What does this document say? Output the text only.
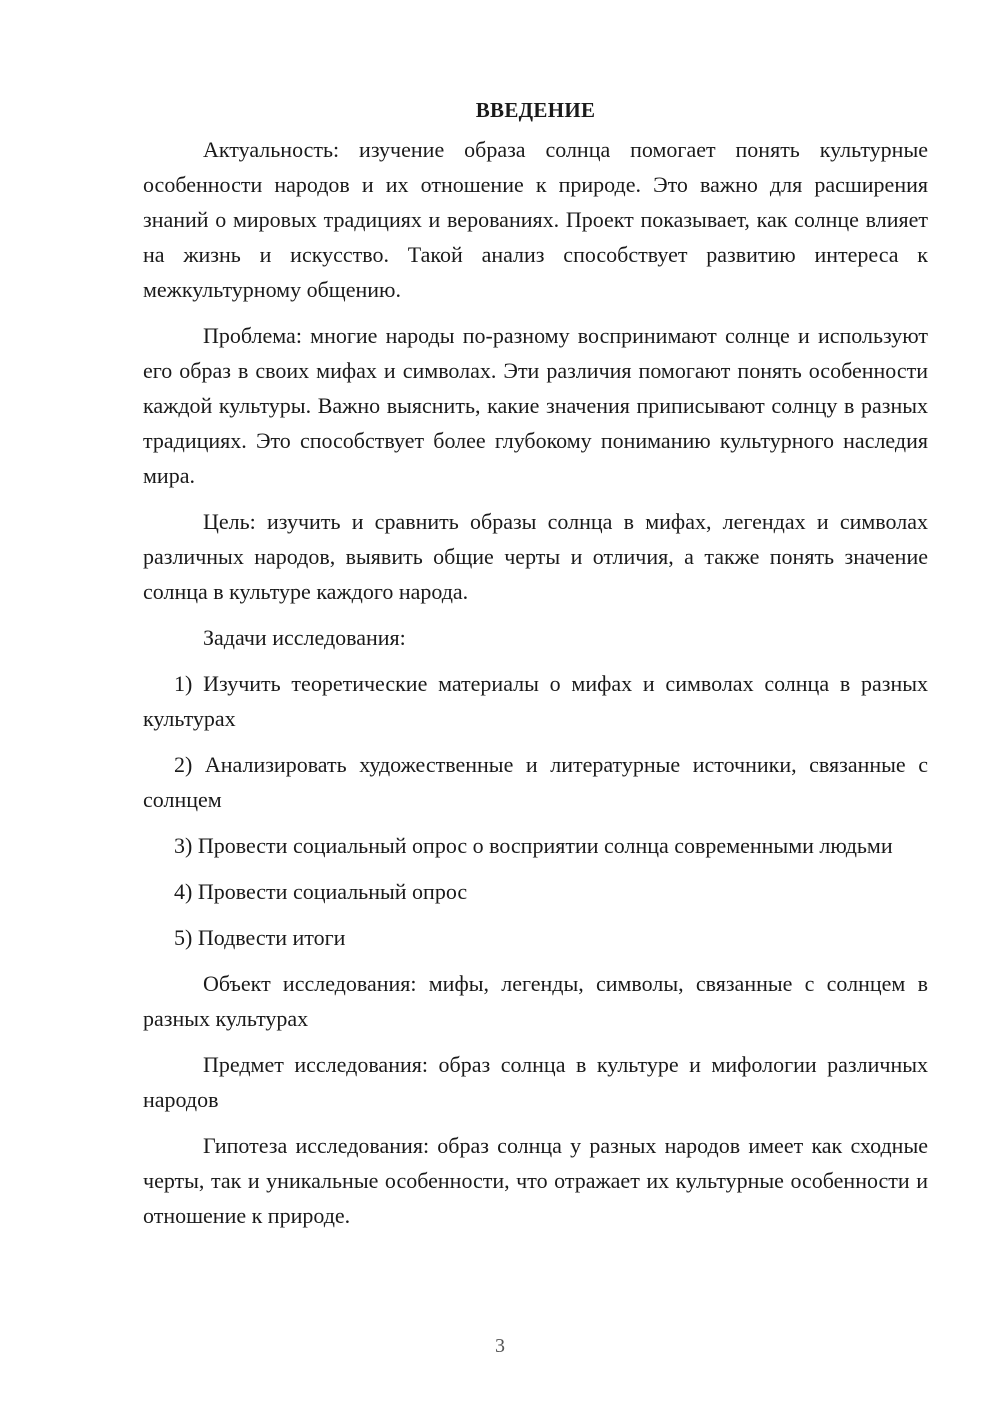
ВВЕДЕНИЕ

Актуальность: изучение образа солнца помогает понять культурные особенности народов и их отношение к природе. Это важно для расширения знаний о мировых традициях и верованиях. Проект показывает, как солнце влияет на жизнь и искусство. Такой анализ способствует развитию интереса к межкультурному общению.

Проблема: многие народы по-разному воспринимают солнце и используют его образ в своих мифах и символах. Эти различия помогают понять особенности каждой культуры. Важно выяснить, какие значения приписывают солнцу в разных традициях. Это способствует более глубокому пониманию культурного наследия мира.

Цель: изучить и сравнить образы солнца в мифах, легендах и символах различных народов, выявить общие черты и отличия, а также понять значение солнца в культуре каждого народа.

Задачи исследования:

1) Изучить теоретические материалы о мифах и символах солнца в разных культурах

2) Анализировать художественные и литературные источники, связанные с солнцем

3) Провести социальный опрос о восприятии солнца современными людьми

4) Провести социальный опрос

5) Подвести итоги

Объект исследования: мифы, легенды, символы, связанные с солнцем в разных культурах

Предмет исследования: образ солнца в культуре и мифологии различных народов

Гипотеза исследования: образ солнца у разных народов имеет как сходные черты, так и уникальные особенности, что отражает их культурные особенности и отношение к природе.

3
